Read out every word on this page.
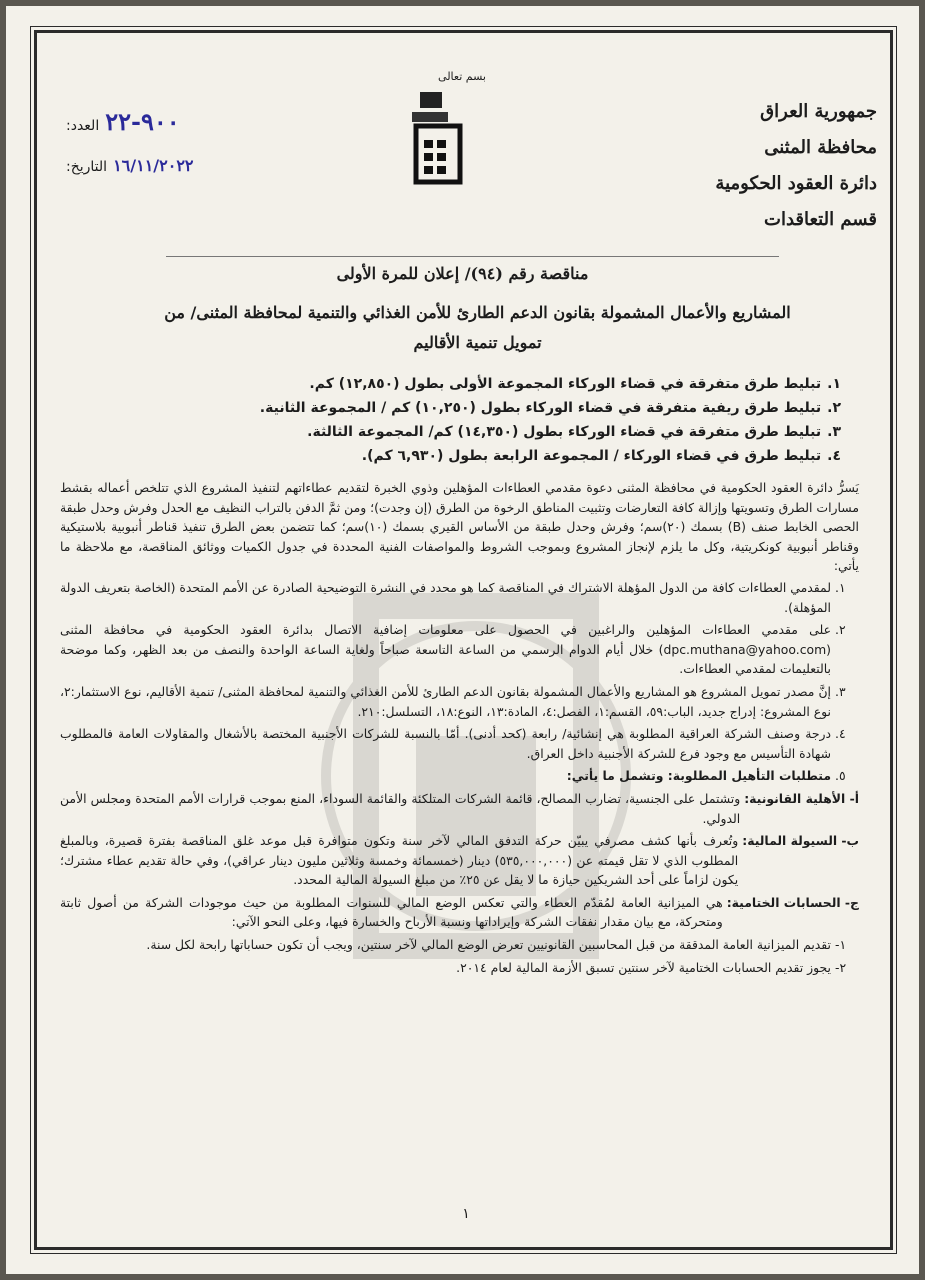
جمهورية العراق
محافظة المثنى
دائرة العقود الحكومية
قسم التعاقدات
بسم تعالى
العدد: ٩٠٠-٢٢
التاريخ: ١٦/١١/٢٠٢٢
مناقصة رقم (٩٤)/ إعلان للمرة الأولى
المشاريع والأعمال المشمولة بقانون الدعم الطارئ للأمن الغذائي والتنمية لمحافظة المثنى/ من
تمويل تنمية الأقاليم
١.
تبليط طرق متفرقة في قضاء الوركاء المجموعة الأولى بطول (١٢,٨٥٠) كم.
٢.
تبليط طرق ريفية متفرقة في قضاء الوركاء بطول (١٠,٢٥٠) كم / المجموعة الثانية.
٣.
تبليط طرق متفرقة في قضاء الوركاء بطول (١٤,٣٥٠) كم/ المجموعة الثالثة.
٤.
تبليط طرق في قضاء الوركاء / المجموعة الرابعة بطول (٦,٩٣٠ كم).

يَسرُّ دائرة العقود الحكومية في محافظة المثنى دعوة مقدمي العطاءات المؤهلين وذوي الخبرة لتقديم عطاءاتهم لتنفيذ المشروع الذي تتلخص أعماله بقشط مسارات الطرق وتسويتها وإزالة كافة التعارضات وتثبيت المناطق الرخوة من الطرق (إن وجدت)؛ ومن ثمَّ الدفن بالتراب النظيف مع الحدل وفرش وحدل طبقة الحصى الخابط صنف (B) بسمك (٢٠)سم؛ وفرش وحدل طبقة من الأساس القيري بسمك (١٠)سم؛ كما تتضمن بعض الطرق تنفيذ قناطر أنبوبية بلاستيكية وقناطر أنبوبية كونكريتية، وكل ما يلزم لإنجاز المشروع وبموجب الشروط والمواصفات الفنية المحددة في جدول الكميات ووثائق المناقصة، مع ملاحظة ما يأتي:

١.
لمقدمي العطاءات كافة من الدول المؤهلة الاشتراك في المناقصة كما هو محدد في النشرة التوضيحية الصادرة عن الأمم المتحدة (الخاصة بتعريف الدولة المؤهلة).
٢.
على مقدمي العطاءات المؤهلين والراغبين في الحصول على معلومات إضافية الاتصال بدائرة العقود الحكومية في محافظة المثنى (dpc.muthana@yahoo.com) خلال أيام الدوام الرسمي من الساعة التاسعة صباحاً ولغاية الساعة الواحدة والنصف من بعد الظهر، وكما موضحة بالتعليمات لمقدمي العطاءات.
٣.
إنَّ مصدر تمويل المشروع هو المشاريع والأعمال المشمولة بقانون الدعم الطارئ للأمن الغذائي والتنمية لمحافظة المثنى/ تنمية الأقاليم، نوع الاستثمار:٢، نوع المشروع: إدراج جديد، الباب:٥٩، القسم:١، الفصل:٤، المادة:١٣، النوع:١٨، التسلسل:٢١٠.
٤.
درجة وصنف الشركة العراقية المطلوبة هي إنشائية/ رابعة (كحد أدنى). أمّا بالنسبة للشركات الأجنبية المختصة بالأشغال والمقاولات العامة فالمطلوب شهادة التأسيس مع وجود فرع للشركة الأجنبية داخل العراق.
٥.
متطلبات التأهيل المطلوبة: وتشمل ما يأتي:
أ- الأهلية القانونية:
وتشتمل على الجنسية، تضارب المصالح، قائمة الشركات المتلكئة والقائمة السوداء، المنع بموجب قرارات الأمم المتحدة ومجلس الأمن الدولي.
ب- السيولة المالية:
وتُعرف بأنها كشف مصرفي يبيّن حركة التدفق المالي لآخر سنة وتكون متوافرة قبل موعد غلق المناقصة بفترة قصيرة، وبالمبلغ المطلوب الذي لا تقل قيمته عن (٥٣٥,٠٠٠,٠٠٠) دينار (خمسمائة وخمسة وثلاثين مليون دينار عراقي)، وفي حالة تقديم عطاء مشترك؛ يكون لزاماً على أحد الشريكين حيازة ما لا يقل عن ٢٥٪ من مبلغ السيولة المالية المحدد.
ج- الحسابات الختامية:
هي الميزانية العامة لمُقدّم العطاء والتي تعكس الوضع المالي للسنوات المطلوبة من حيث موجودات الشركة من أصول ثابتة ومتحركة، مع بيان مقدار نفقات الشركة وإيراداتها ونسبة الأرباح والخسارة فيها، وعلى النحو الآتي:
١-
تقديم الميزانية العامة المدققة من قبل المحاسبين القانونيين تعرض الوضع المالي لآخر سنتين، ويجب أن تكون حساباتها رابحة لكل سنة.
٢-
يجوز تقديم الحسابات الختامية لآخر سنتين تسبق الأزمة المالية لعام ٢٠١٤.
١
